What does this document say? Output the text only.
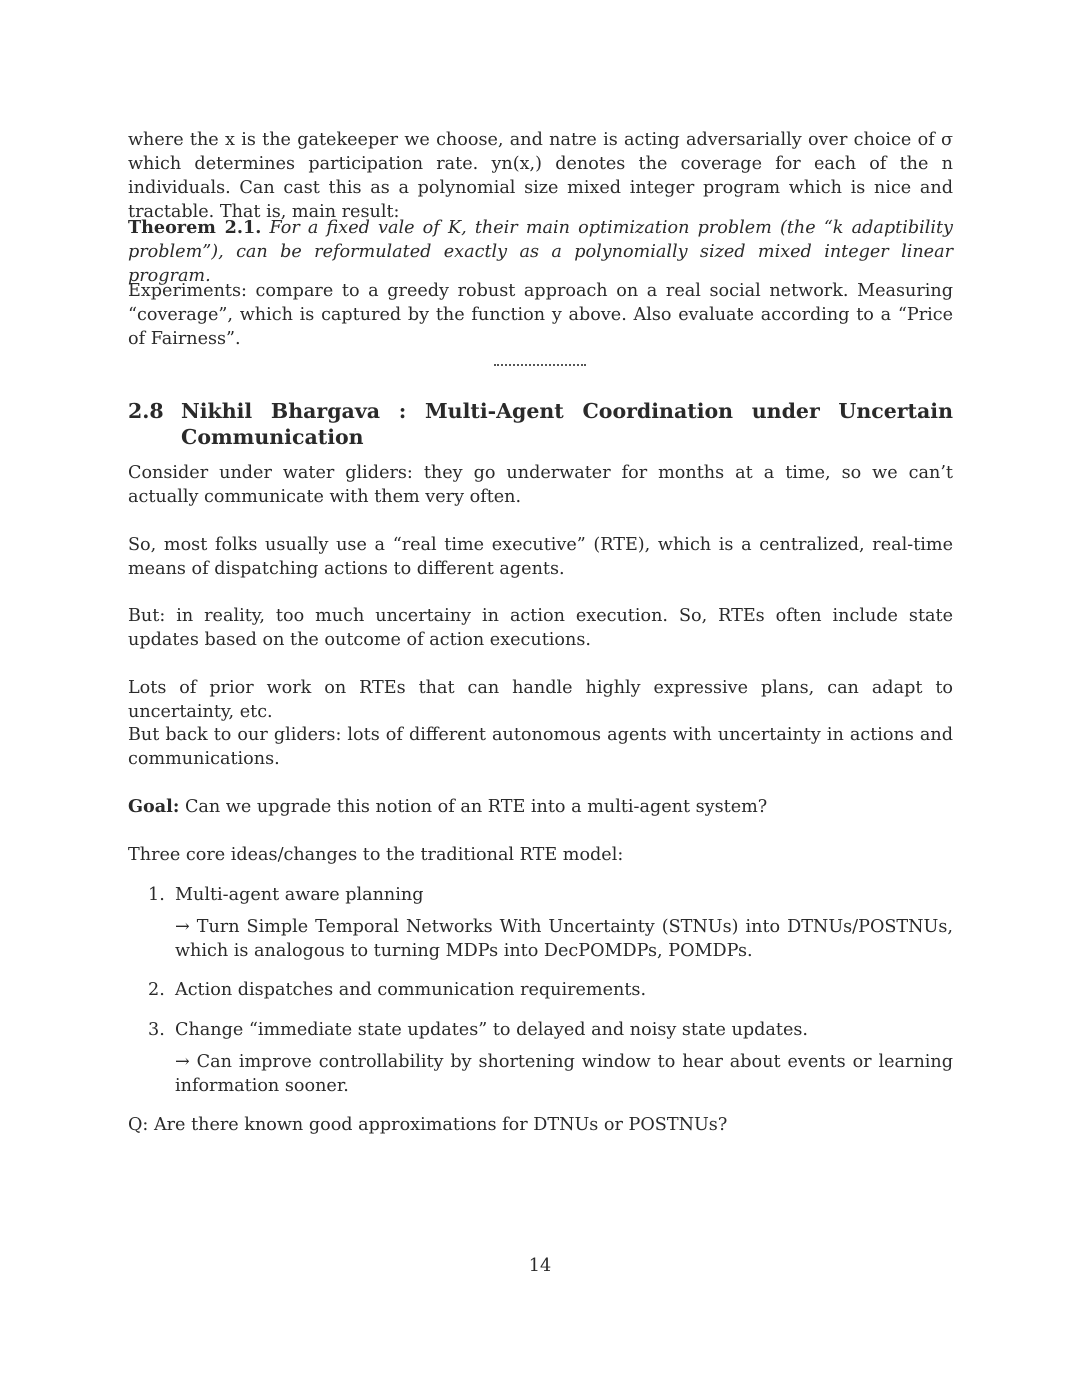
where the x is the gatekeeper we choose, and natre is acting adversarially over choice of σ which determines participation rate. yn(x,) denotes the coverage for each of the n individuals. Can cast this as a polynomial size mixed integer program which is nice and tractable. That is, main result:

Theorem 2.1. For a fixed vale of K, their main optimization problem (the “k adaptibility problem”), can be reformulated exactly as a polynomially sized mixed integer linear program.

Experiments: compare to a greedy robust approach on a real social network. Measuring “coverage”, which is captured by the function y above. Also evaluate according to a “Price of Fairness”.

2.8 Nikhil Bhargava : Multi-Agent Coordination under Uncertain Communication

Consider under water gliders: they go underwater for months at a time, so we can’t actually communicate with them very often.

So, most folks usually use a “real time executive” (RTE), which is a centralized, real-time means of dispatching actions to different agents.

But: in reality, too much uncertainy in action execution. So, RTEs often include state updates based on the outcome of action executions.

Lots of prior work on RTEs that can handle highly expressive plans, can adapt to uncertainty, etc.

But back to our gliders: lots of different autonomous agents with uncertainty in actions and communications.

Goal: Can we upgrade this notion of an RTE into a multi-agent system?

Three core ideas/changes to the traditional RTE model:

1. Multi-agent aware planning
→ Turn Simple Temporal Networks With Uncertainty (STNUs) into DTNUs/POSTNUs, which is analogous to turning MDPs into DecPOMDPs, POMDPs.
2. Action dispatches and communication requirements.
3. Change “immediate state updates” to delayed and noisy state updates.
→ Can improve controllability by shortening window to hear about events or learning information sooner.

Q: Are there known good approximations for DTNUs or POSTNUs?

14
